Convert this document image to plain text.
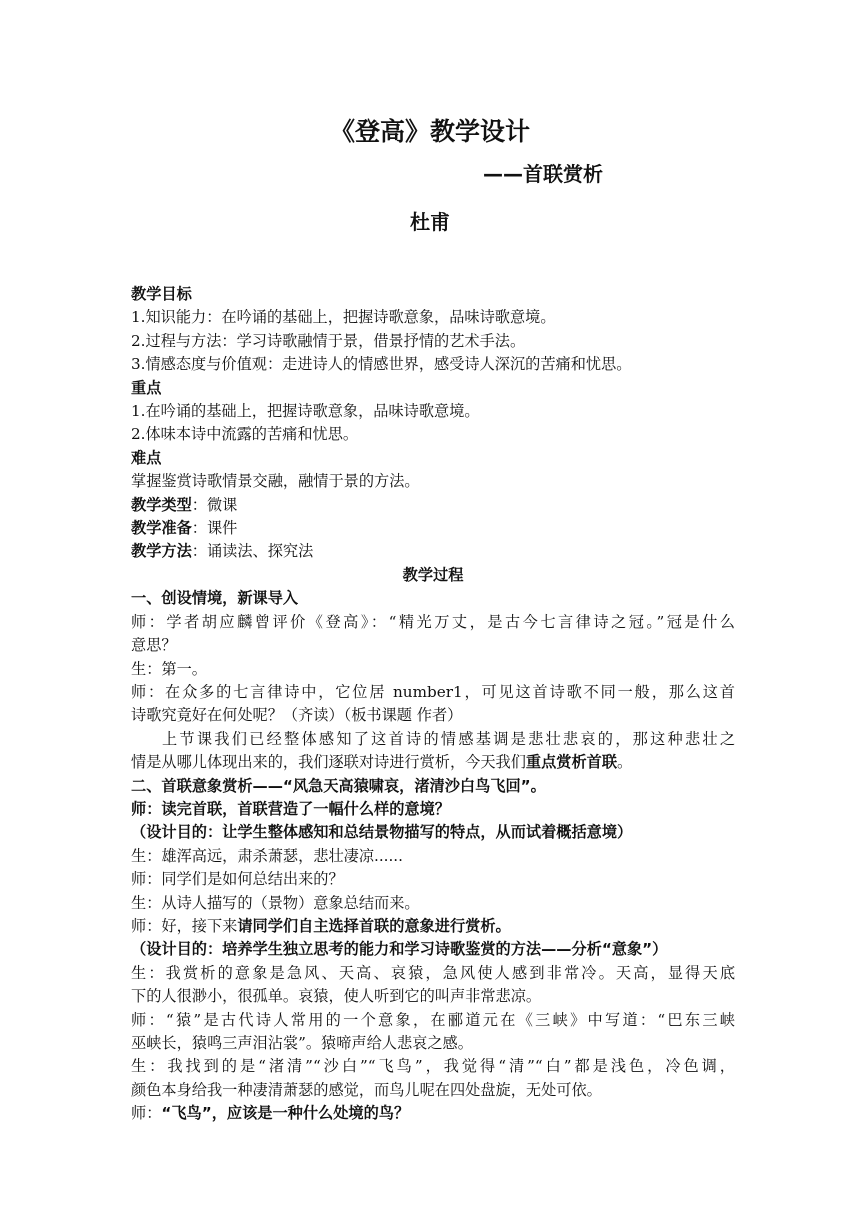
《登高》教学设计
——首联赏析
杜甫
教学目标
1.知识能力：在吟诵的基础上，把握诗歌意象，品味诗歌意境。
2.过程与方法：学习诗歌融情于景，借景抒情的艺术手法。
3.情感态度与价值观：走进诗人的情感世界，感受诗人深沉的苦痛和忧思。
重点
1.在吟诵的基础上，把握诗歌意象，品味诗歌意境。
2.体味本诗中流露的苦痛和忧思。
难点
掌握鉴赏诗歌情景交融，融情于景的方法。
教学类型：微课
教学准备：课件
教学方法：诵读法、探究法
教学过程
一、创设情境，新课导入
师：学者胡应麟曾评价《登高》：“精光万丈，是古今七言律诗之冠。”冠是什么
意思？
生：第一。
师：在众多的七言律诗中，它位居 number1，可见这首诗歌不同一般，那么这首
诗歌究竟好在何处呢？（齐读）（板书课题 作者）
上节课我们已经整体感知了这首诗的情感基调是悲壮悲哀的，那这种悲壮之
情是从哪儿体现出来的，我们逐联对诗进行赏析，今天我们重点赏析首联。
二、首联意象赏析——“风急天高猿啸哀，渚清沙白鸟飞回”。
师：读完首联，首联营造了一幅什么样的意境？
（设计目的：让学生整体感知和总结景物描写的特点，从而试着概括意境）
生：雄浑高远，肃杀萧瑟，悲壮凄凉......
师：同学们是如何总结出来的？
生：从诗人描写的（景物）意象总结而来。
师：好，接下来请同学们自主选择首联的意象进行赏析。
（设计目的：培养学生独立思考的能力和学习诗歌鉴赏的方法——分析“意象”）
生：我赏析的意象是急风、天高、哀猿，急风使人感到非常冷。天高，显得天底
下的人很渺小，很孤单。哀猿，使人听到它的叫声非常悲凉。
师：“猿”是古代诗人常用的一个意象，在郦道元在《三峡》中写道：“巴东三峡
巫峡长，猿鸣三声泪沾裳”。猿啼声给人悲哀之感。
生：我找到的是“渚清”“沙白”“飞鸟”，我觉得“清”“白”都是浅色，冷色调，
颜色本身给我一种凄清萧瑟的感觉，而鸟儿呢在四处盘旋，无处可依。
师：“飞鸟”，应该是一种什么处境的鸟？
